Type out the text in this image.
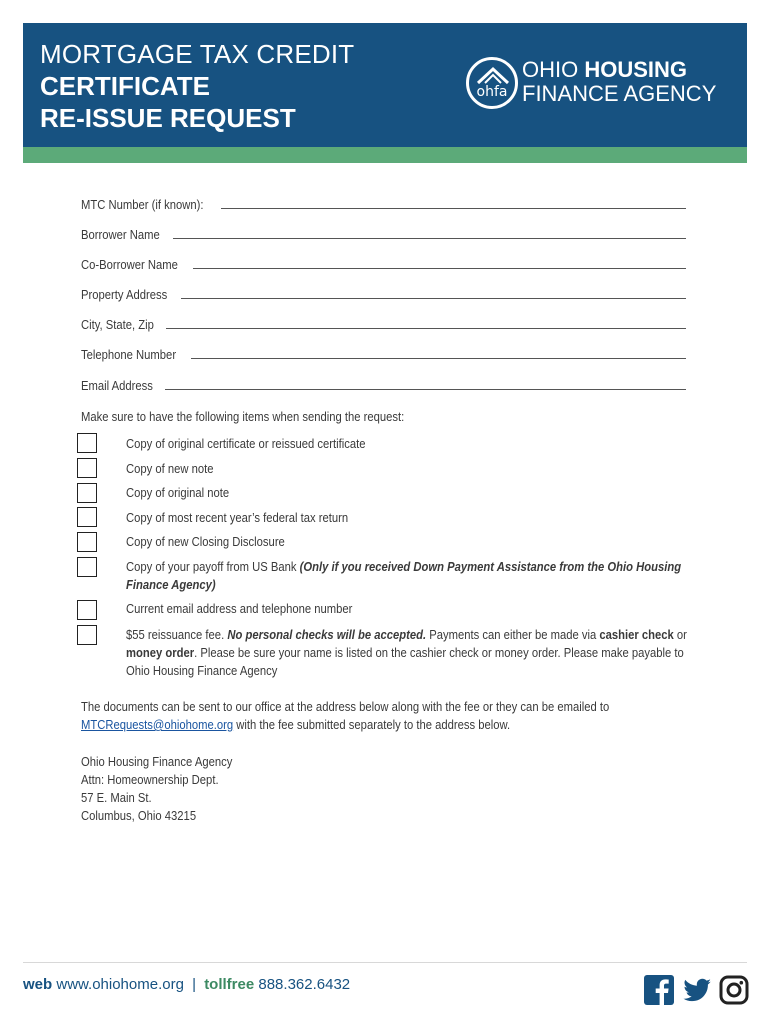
MORTGAGE TAX CREDIT
CERTIFICATE
RE-ISSUE REQUEST
ohfa
OHIO HOUSING
FINANCE AGENCY
MTC Number (if known):
Borrower Name
Co-Borrower Name
Property Address
City, State, Zip
Telephone Number
Email Address
Make sure to have the following items when sending the request:
Copy of original certificate or reissued certificate
Copy of new note
Copy of original note
Copy of most recent year’s federal tax return
Copy of new Closing Disclosure
Copy of your payoff from US Bank (Only if you received Down Payment Assistance from the Ohio Housing Finance Agency)
Current email address and telephone number
$55 reissuance fee. No personal checks will be accepted. Payments can either be made via cashier check or money order. Please be sure your name is listed on the cashier check or money order. Please make payable to Ohio Housing Finance Agency
The documents can be sent to our office at the address below along with the fee or they can be emailed to MTCRequests@ohiohome.org with the fee submitted separately to the address below.
Ohio Housing Finance Agency
Attn: Homeownership Dept.
57 E. Main St.
Columbus, Ohio 43215
web www.ohiohome.org | tollfree 888.362.6432
